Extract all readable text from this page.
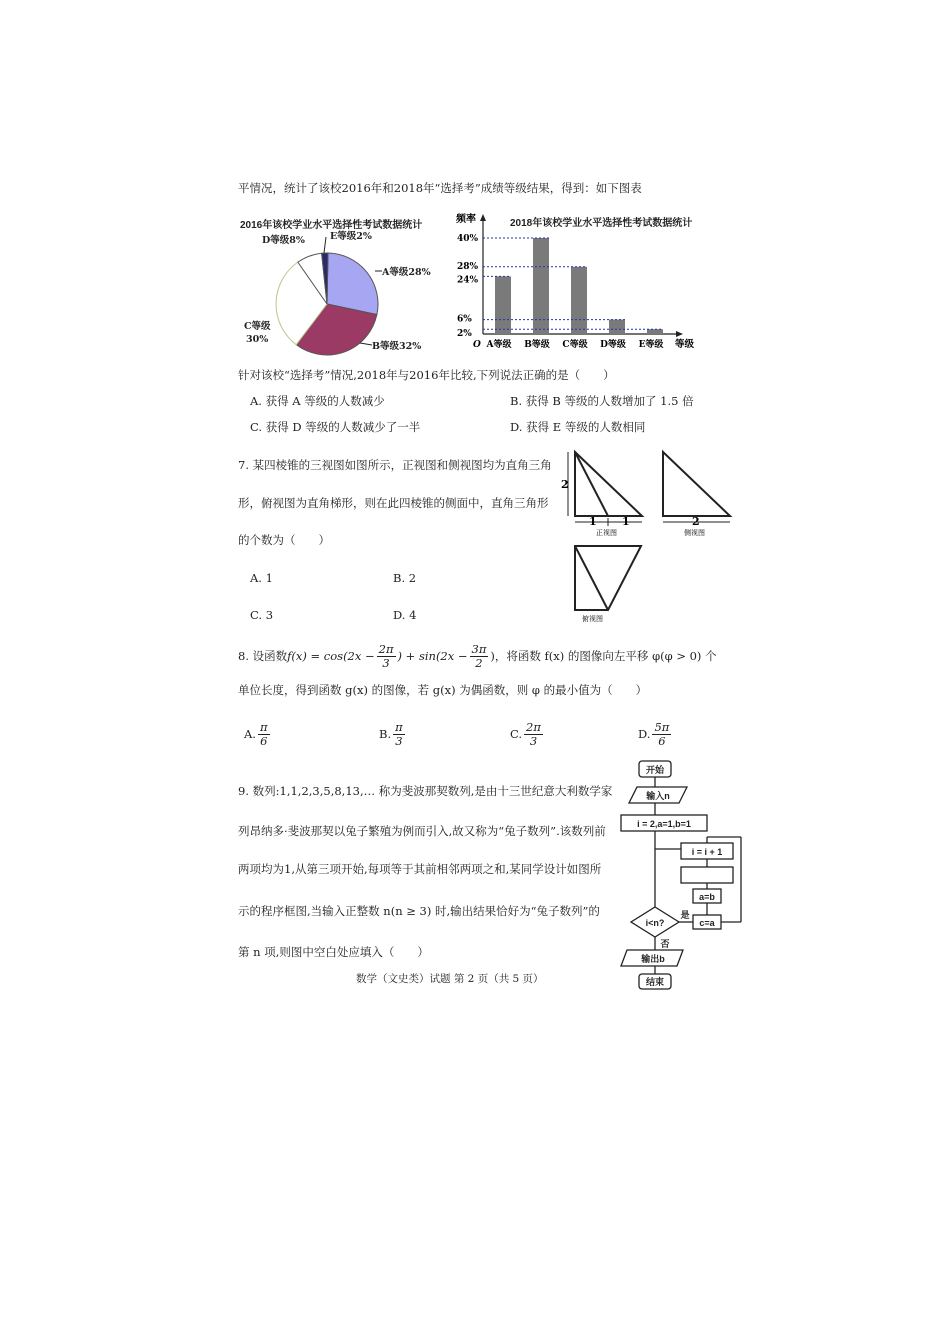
平情况，统计了该校2016年和2018年“选择考”成绩等级结果，得到：如下图表
2016年该校学业水平选择性考试数据统计
E等级2%
D等级8%
A等级28%
C等级
30%
B等级32%
2018年该校学业水平选择性考试数据统计
频率
O	等级
A等级 B等级 C等级 D等级 E等级
40%
28%
24%
6%
2%
针对该校“选择考”情况,2018年与2016年比较,下列说法正确的是（　　）
A. 获得 A 等级的人数减少	B. 获得 B 等级的人数增加了 1.5 倍
C. 获得 D 等级的人数减少了一半	D. 获得 E 等级的人数相同
7. 某四棱锥的三视图如图所示，正视图和侧视图均为直角三角
形，俯视图为直角梯形，则在此四棱锥的侧面中，直角三角形
的个数为（　　）
A. 1	B. 2
C. 3	D. 4
2
1 1
正视图
2
侧视图
俯视图
8. 设函数 $f(x) = \cos(2x - \frac{2\pi}{3}$ ) + $\sin(2x - \frac{3\pi}{2}$ )，将函数 f(x) 的图像向左平移 φ(φ > 0) 个
单位长度，得到函数 g(x) 的图像，若 g(x) 为偶函数，则 φ 的最小值为（　　）
A. $\frac{\pi}{6}$	B. $\frac{\pi}{3}$	C. $\frac{2\pi}{3}$	D. $\frac{5\pi}{6}$
9. 数列:1,1,2,3,5,8,13,… 称为斐波那契数列,是由十三世纪意大利数学家
列昂纳多·斐波那契以兔子繁殖为例而引入,故又称为“兔子数列”.该数列前
两项均为1,从第三项开始,每项等于其前相邻两项之和,某同学设计如图所
示的程序框图,当输入正整数 n(n ≥ 3) 时,输出结果恰好为“兔子数列”的
第 n 项,则图中空白处应填入（　　）
开始
输入n
i = 2,a=1,b=1
i = i + 1
a=b
c=a
i<n?
是
否
输出b
结束
数学（文史类）试题 第 2 页（共 5 页）
